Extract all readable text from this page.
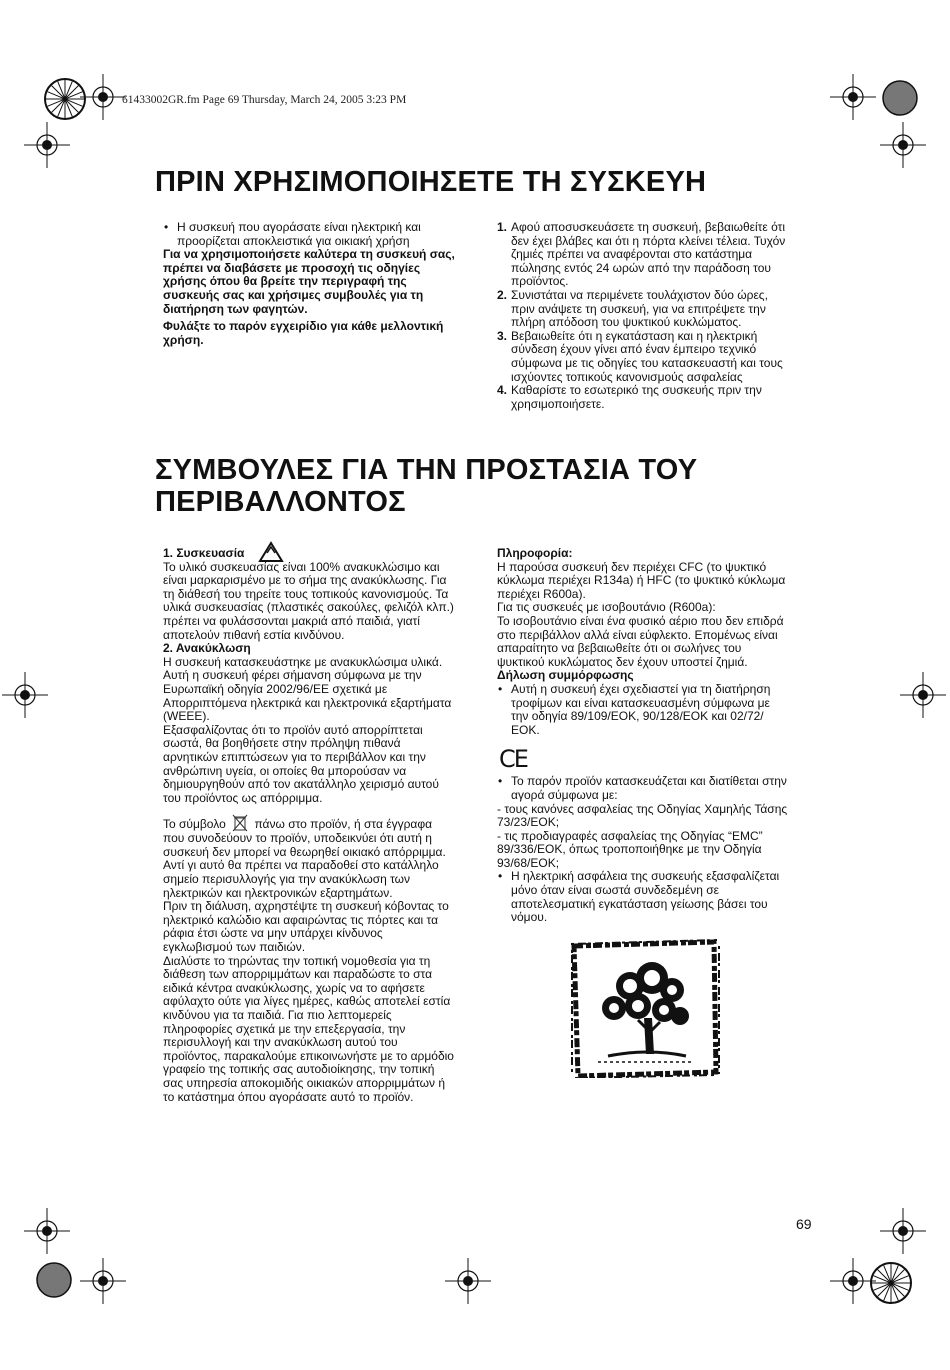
61433002GR.fm Page 69 Thursday, March 24, 2005 3:23 PM
ΠΡΙΝ ΧΡΗΣΙΜΟΠΟΙΗΣΕΤΕ ΤΗ ΣΥΣΚΕΥΗ

• Η συσκευή που αγοράσατε είναι ηλεκτρική και προορίζεται αποκλειστικά για οικιακή χρήση

Για να χρησιμοποιήσετε καλύτερα τη συσκευή σας, πρέπει να διαβάσετε με προσοχή τις οδηγίες χρήσης όπου θα βρείτε την περιγραφή της συσκευής σας και χρήσιμες συμβουλές για τη διατήρηση των φαγητών.

Φυλάξτε το παρόν εγχειρίδιο για κάθε μελλοντική χρήση.

1. Αφού αποσυσκευάσετε τη συσκευή, βεβαιωθείτε ότι δεν έχει βλάβες και ότι η πόρτα κλείνει τέλεια. Τυχόν ζημιές πρέπει να αναφέρονται στο κατάστημα πώλησης εντός 24 ωρών από την παράδοση του προϊόντος.

2. Συνιστάται να περιμένετε τουλάχιστον δύο ώρες, πριν ανάψετε τη συσκευή, για να επιτρέψετε την πλήρη απόδοση του ψυκτικού κυκλώματος.

3. Βεβαιωθείτε ότι η εγκατάσταση και η ηλεκτρική σύνδεση έχουν γίνει από έναν έμπειρο τεχνικό σύμφωνα με τις οδηγίες του κατασκευαστή και τους ισχύοντες τοπικούς κανονισμούς ασφαλείας

4. Καθαρίστε το εσωτερικό της συσκευής πριν την χρησιμοποιήσετε.

ΣΥΜΒΟΥΛΕΣ ΓΙΑ ΤΗΝ ΠΡΟΣΤΑΣΙΑ ΤΟΥ ΠΕΡΙΒΑΛΛΟΝΤΟΣ

1. Συσκευασία

Το υλικό συσκευασίας είναι 100% ανακυκλώσιμο και είναι μαρκαρισμένο με το σήμα της ανακύκλωσης. Για τη διάθεσή του τηρείτε τους τοπικούς κανονισμούς. Τα υλικά συσκευασίας (πλαστικές σακούλες, φελιζόλ κλπ.) πρέπει να φυλάσσονται μακριά από παιδιά, γιατί αποτελούν πιθανή εστία κινδύνου.

2. Ανακύκλωση

Η συσκευή κατασκευάστηκε με ανακυκλώσιμα υλικά.

Αυτή η συσκευή φέρει σήμανση σύμφωνα με την Ευρωπαϊκή οδηγία 2002/96/ΕΕ σχετικά με Απορριπτόμενα ηλεκτρικά και ηλεκτρονικά εξαρτήματα (WEEE).

Εξασφαλίζοντας ότι το προϊόν αυτό απορρίπτεται σωστά, θα βοηθήσετε στην πρόληψη πιθανά αρνητικών επιπτώσεων για το περιβάλλον και την ανθρώπινη υγεία, οι οποίες θα μπορούσαν να δημιουργηθούν από τον ακατάλληλο χειρισμό αυτού του προϊόντος ως απόρριμμα.

Το σύμβολο πάνω στο προϊόν, ή στα έγγραφα που συνοδεύουν το προϊόν, υποδεικνύει ότι αυτή η συσκευή δεν μπορεί να θεωρηθεί οικιακό απόρριμμα. Αντί γι αυτό θα πρέπει να παραδοθεί στο κατάλληλο σημείο περισυλλογής για την ανακύκλωση των ηλεκτρικών και ηλεκτρονικών εξαρτημάτων.

Πριν τη διάλυση, αχρηστέψτε τη συσκευή κόβοντας το ηλεκτρικό καλώδιο και αφαιρώντας τις πόρτες και τα ράφια έτσι ώστε να μην υπάρχει κίνδυνος εγκλωβισμού των παιδιών.

Διαλύστε το τηρώντας την τοπική νομοθεσία για τη διάθεση των απορριμμάτων και παραδώστε το στα ειδικά κέντρα ανακύκλωσης, χωρίς να το αφήσετε αφύλαχτο ούτε για λίγες ημέρες, καθώς αποτελεί εστία κινδύνου για τα παιδιά. Για πιο λεπτομερείς πληροφορίες σχετικά με την επεξεργασία, την περισυλλογή και την ανακύκλωση αυτού του προϊόντος, παρακαλούμε επικοινωνήστε με το αρμόδιο γραφείο της τοπικής σας αυτοδιοίκησης, την τοπική σας υπηρεσία αποκομιδής οικιακών απορριμμάτων ή το κατάστημα όπου αγοράσατε αυτό το προϊόν.

Πληροφορία:

Η παρούσα συσκευή δεν περιέχει CFC (το ψυκτικό κύκλωμα περιέχει R134a) ή HFC (το ψυκτικό κύκλωμα περιέχει R600a).

Για τις συσκευές με ισοβουτάνιο (R600a):

Το ισοβουτάνιο είναι ένα φυσικό αέριο που δεν επιδρά στο περιβάλλον αλλά είναι εύφλεκτο. Επομένως είναι απαραίτητο να βεβαιωθείτε ότι οι σωλήνες του ψυκτικού κυκλώματος δεν έχουν υποστεί ζημιά.

Δήλωση συμμόρφωσης

• Αυτή η συσκευή έχει σχεδιαστεί για τη διατήρηση τροφίμων και είναι κατασκευασμένη σύμφωνα με την οδηγία 89/109/ΕΟΚ, 90/128/ΕΟΚ και 02/72/ΕΟΚ.

CE

• Το παρόν προϊόν κατασκευάζεται και διατίθεται στην αγορά σύμφωνα με:

- τους κανόνες ασφαλείας της Οδηγίας Χαμηλής Τάσης 73/23/ΕΟΚ;

- τις προδιαγραφές ασφαλείας της Οδηγίας “EMC” 89/336/ΕΟΚ, όπως τροποποιήθηκε με την Οδηγία 93/68/ΕΟΚ;

• Η ηλεκτρική ασφάλεια της συσκευής εξασφαλίζεται μόνο όταν είναι σωστά συνδεδεμένη σε αποτελεσματική εγκατάσταση γείωσης βάσει του νόμου.

69
